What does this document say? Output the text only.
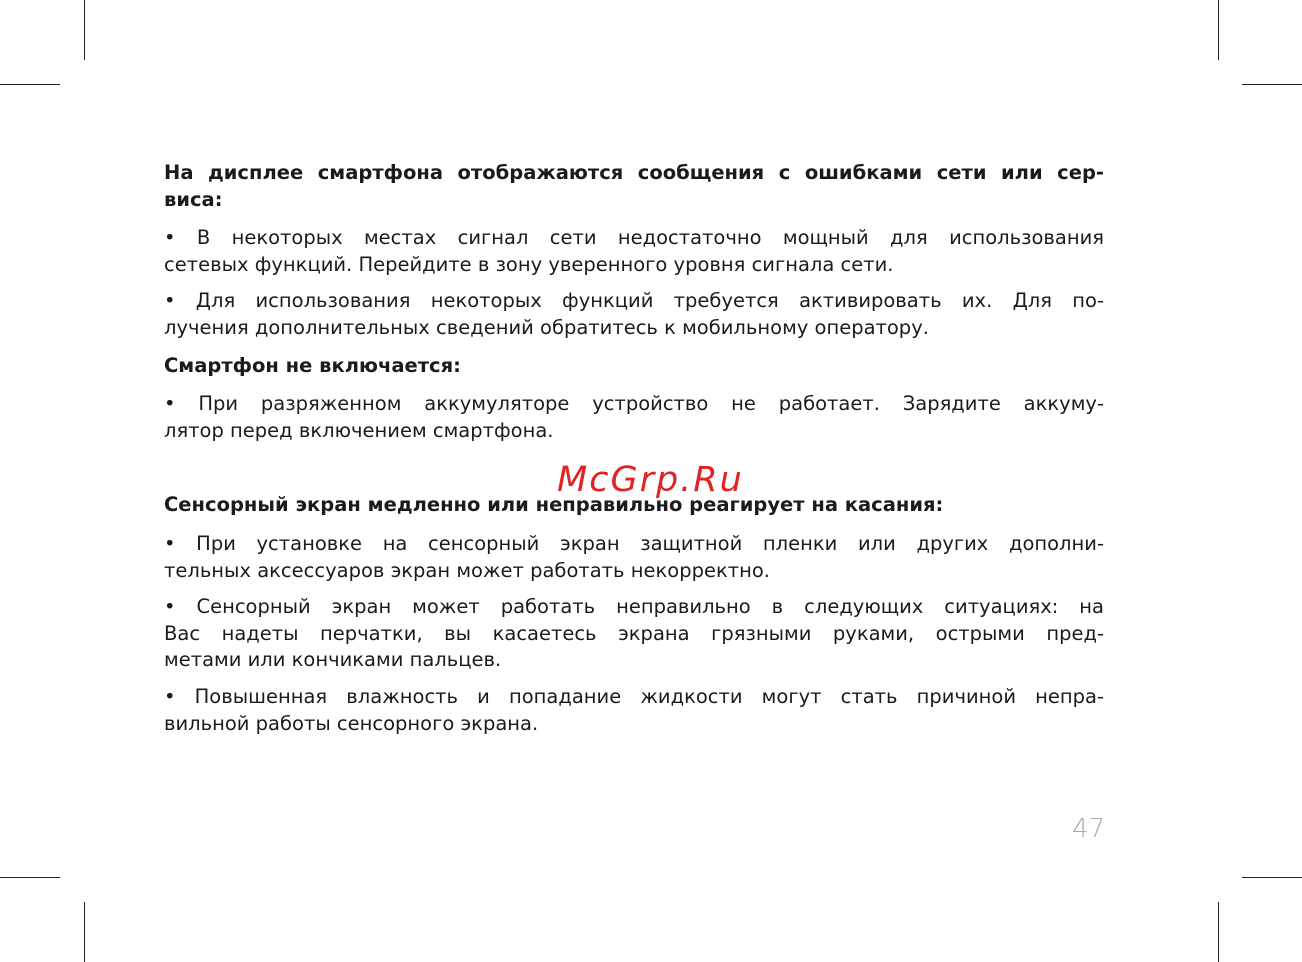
На дисплее смартфона отображаются сообщения с ошибками сети или сер-
виса:
• В некоторых местах сигнал сети недостаточно мощный для использования
сетевых функций. Перейдите в зону уверенного уровня сигнала сети.
• Для использования некоторых функций требуется активировать их. Для по-
лучения дополнительных сведений обратитесь к мобильному оператору.
Смартфон не включается:
• При разряженном аккумуляторе устройство не работает. Зарядите аккуму-
лятор перед включением смартфона.
Сенсорный экран медленно или неправильно реагирует на касания:
• При установке на сенсорный экран защитной пленки или других дополни-
тельных аксессуаров экран может работать некорректно.
• Сенсорный экран может работать неправильно в следующих ситуациях: на
Вас надеты перчатки, вы касаетесь экрана грязными руками, острыми пред-
метами или кончиками пальцев.
• Повышенная влажность и попадание жидкости могут стать причиной непра-
вильной работы сенсорного экрана.
McGrp.Ru
47
